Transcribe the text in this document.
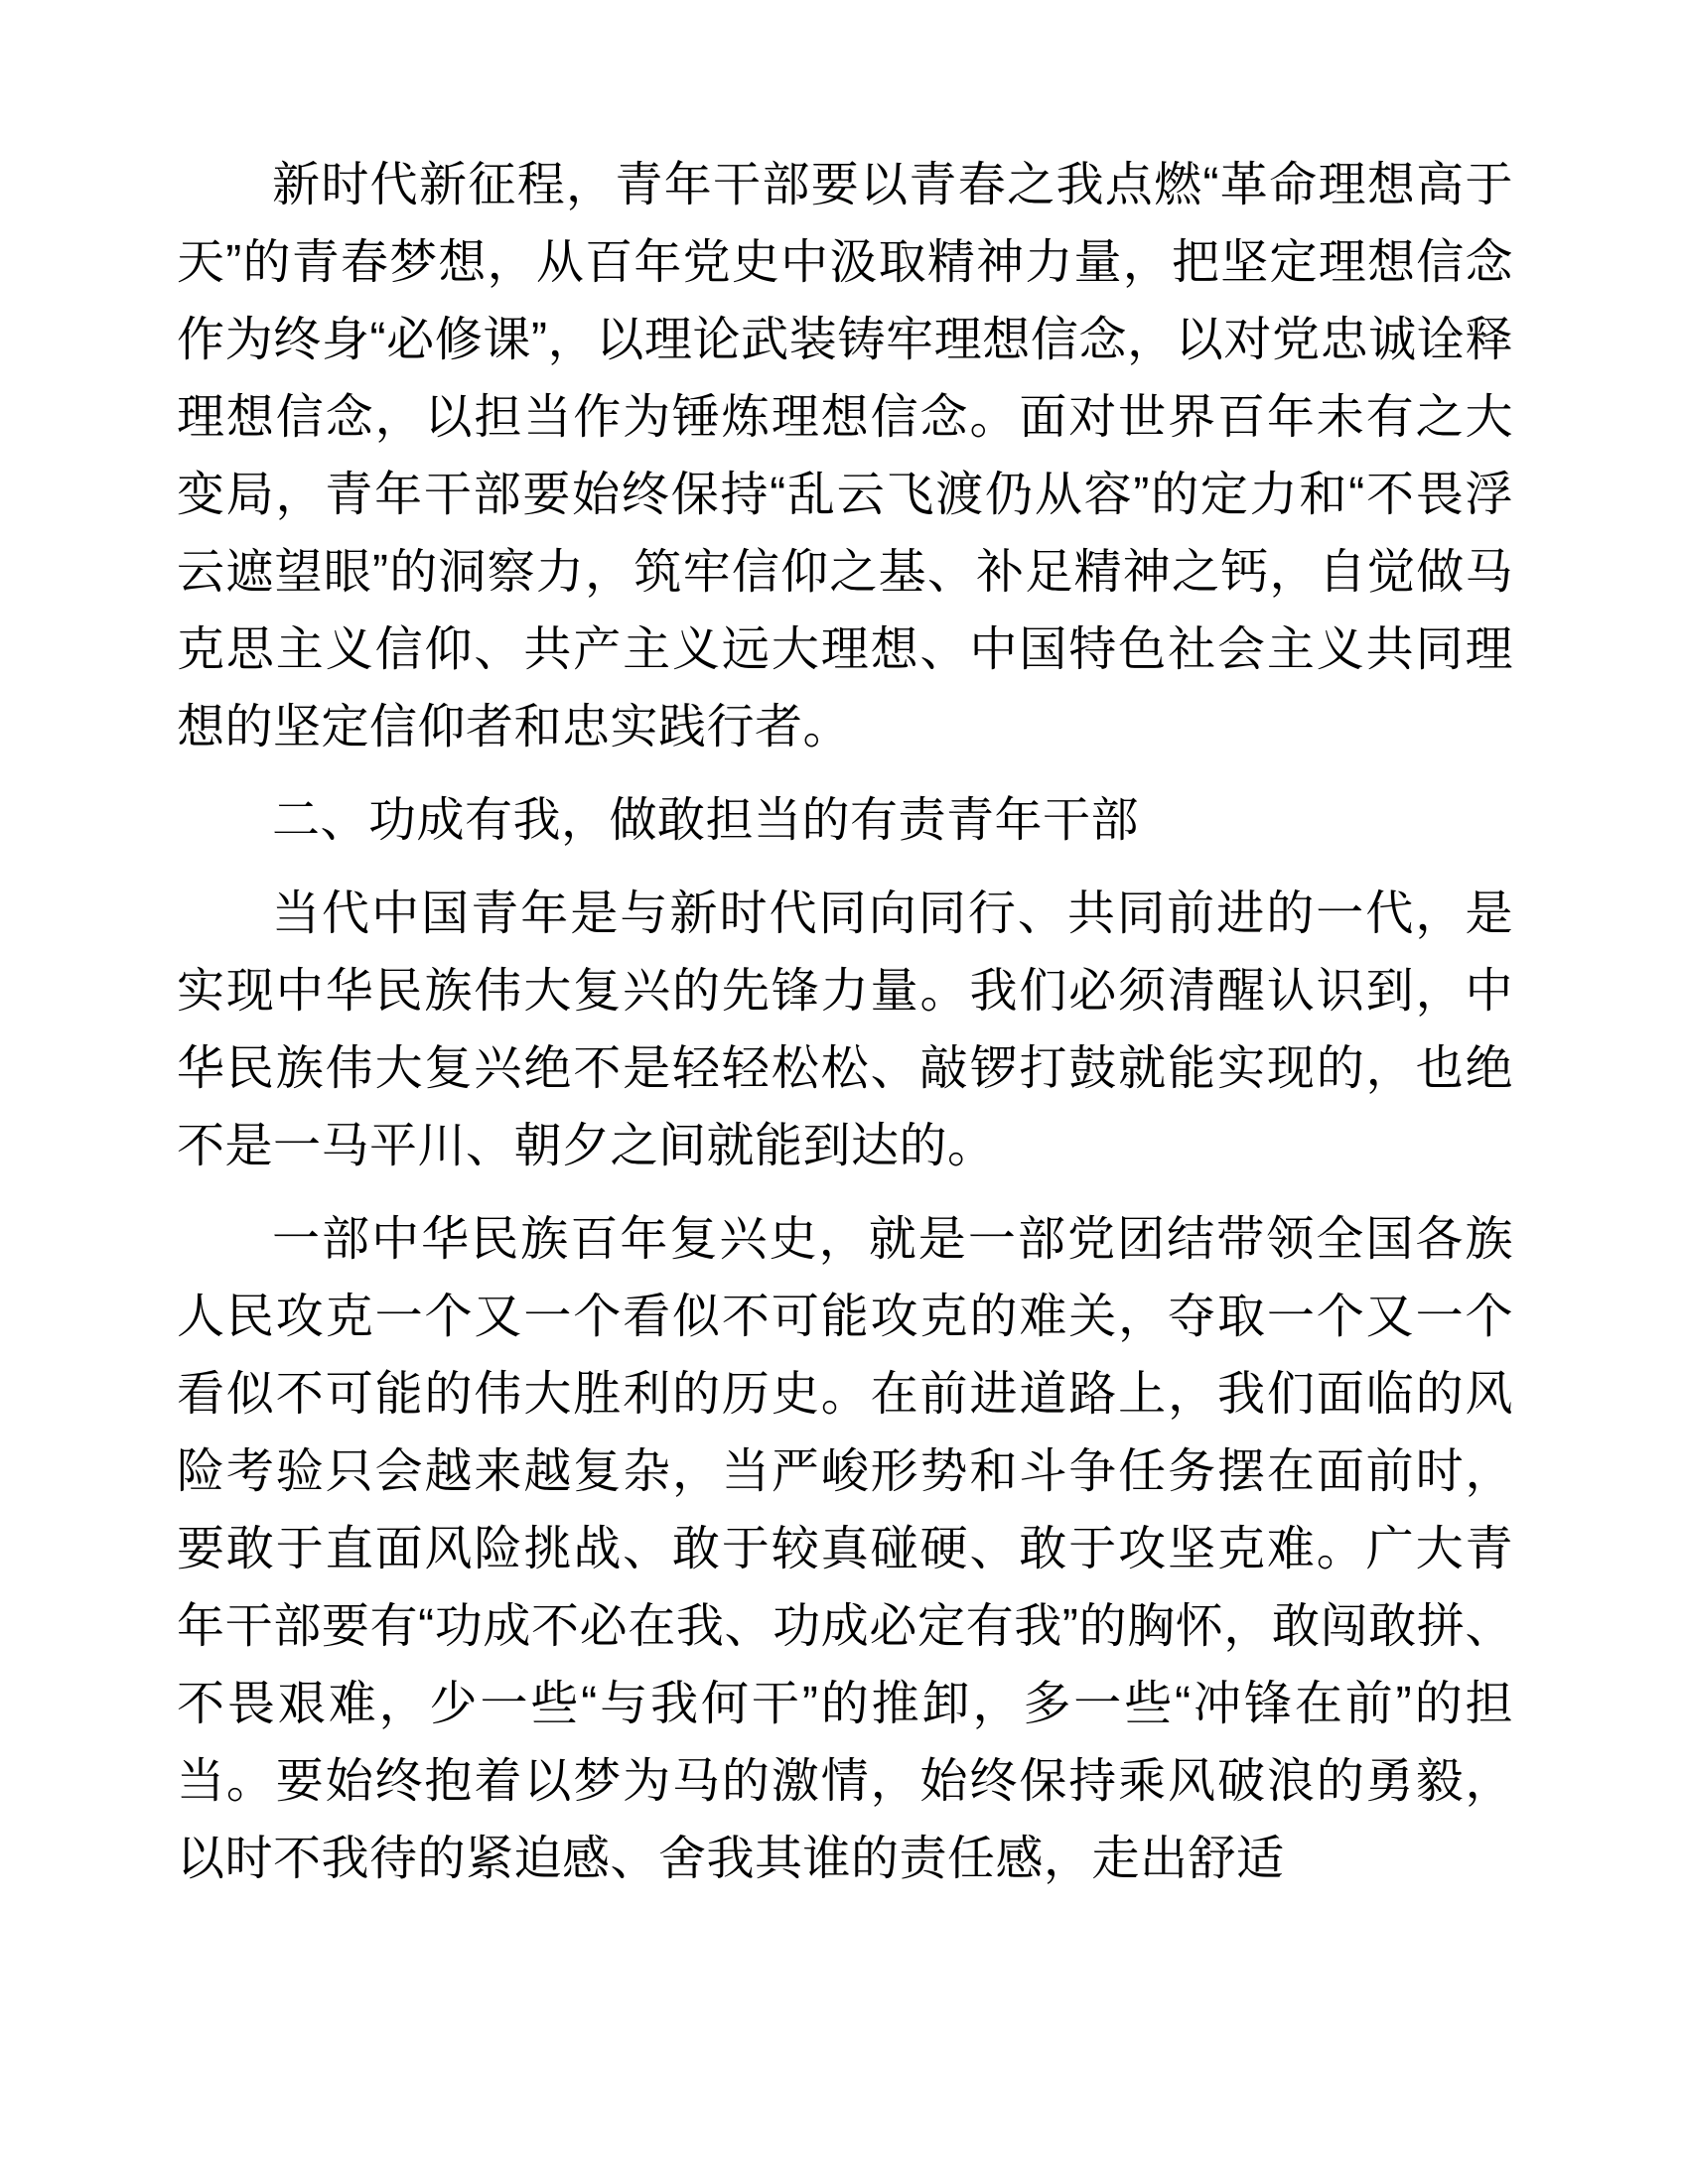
新时代新征程，青年干部要以青春之我点燃“革命理想高于天”的青春梦想，从百年党史中汲取精神力量，把坚定理想信念作为终身“必修课”，以理论武装铸牢理想信念，以对党忠诚诠释理想信念，以担当作为锤炼理想信念。面对世界百年未有之大变局，青年干部要始终保持“乱云飞渡仍从容”的定力和“不畏浮云遮望眼”的洞察力，筑牢信仰之基、补足精神之钙，自觉做马克思主义信仰、共产主义远大理想、中国特色社会主义共同理想的坚定信仰者和忠实践行者。

二、功成有我，做敢担当的有责青年干部

当代中国青年是与新时代同向同行、共同前进的一代，是实现中华民族伟大复兴的先锋力量。我们必须清醒认识到，中华民族伟大复兴绝不是轻轻松松、敲锣打鼓就能实现的，也绝不是一马平川、朝夕之间就能到达的。

一部中华民族百年复兴史，就是一部党团结带领全国各族人民攻克一个又一个看似不可能攻克的难关，夺取一个又一个看似不可能的伟大胜利的历史。在前进道路上，我们面临的风险考验只会越来越复杂，当严峻形势和斗争任务摆在面前时，要敢于直面风险挑战、敢于较真碰硬、敢于攻坚克难。广大青年干部要有“功成不必在我、功成必定有我”的胸怀，敢闯敢拼、不畏艰难，少一些“与我何干”的推卸，多一些“冲锋在前”的担当。要始终抱着以梦为马的激情，始终保持乘风破浪的勇毅，以时不我待的紧迫感、舍我其谁的责任感，走出舒适
